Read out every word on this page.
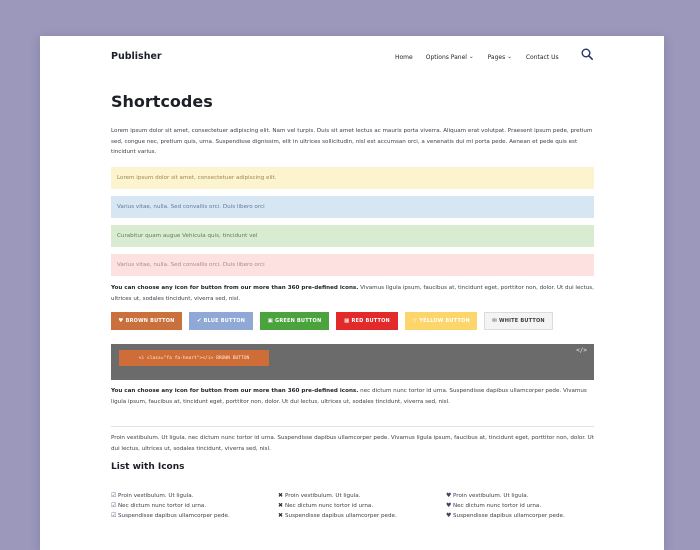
Publisher	Home Options Panel ⌄ Pages ⌄ Contact Us
Shortcodes
Lorem ipsum dolor sit amet, consectetuer adipiscing elit. Nam vel turpis. Duis sit amet lectus ac mauris porta viverra. Aliquam erat volutpat. Praesent ipsum pede, pretium sed, congue nec, pretium quis, urna. Suspendisse dignissim, elit in ultrices sollicitudin, nisl est accumsan orci, a venenatis dui mi porta pede. Aenean et pede quis est tincidunt varius.
Lorem ipsum dolor sit amet, consectetuer adipiscing elit.
Varius vitae, nulla. Sed convallis orci. Duis libero orci
Curabitur quam augue Vehicula quis, tincidunt vel
Varius vitae, nulla. Sed convallis orci. Duis libero orci
You can choose any icon for button from our more than 360 pre-defined icons. Vivamus ligula ipsum, faucibus at, tincidunt eget, porttitor non, dolor. Ut dui lectus, ultrices ut, sodales tincidunt, viverra sed, nisl.
♥ BROWN BUTTON	✔ BLUE BUTTON	▣ GREEN BUTTON	▦ RED BUTTON	☆ YELLOW BUTTON	✉ WHITE BUTTON
<i class="fa fa-heart"></i> BROWN BUTTON
</>
You can choose any icon for button from our more than 360 pre-defined icons. nec dictum nunc tortor id urna. Suspendisse dapibus ullamcorper pede. Vivamus ligula ipsum, faucibus at, tincidunt eget, porttitor non, dolor. Ut dui lectus, ultrices ut, sodales tincidunt, viverra sed, nisl.
Proin vestibulum. Ut ligula. nec dictum nunc tortor id urna. Suspendisse dapibus ullamcorper pede. Vivamus ligula ipsum, faucibus at, tincidunt eget, porttitor non, dolor. Ut dui lectus, ultrices ut, sodales tincidunt, viverra sed, nisl.
List with Icons
☑ Proin vestibulum. Ut ligula.
☑ Nec dictum nunc tortor id urna.
☑ Suspendisse dapibus ullamcorper pede.
✖ Proin vestibulum. Ut ligula.
✖ Nec dictum nunc tortor id urna.
✖ Suspendisse dapibus ullamcorper pede.
♥ Proin vestibulum. Ut ligula.
♥ Nec dictum nunc tortor id urna.
♥ Suspendisse dapibus ullamcorper pede.
